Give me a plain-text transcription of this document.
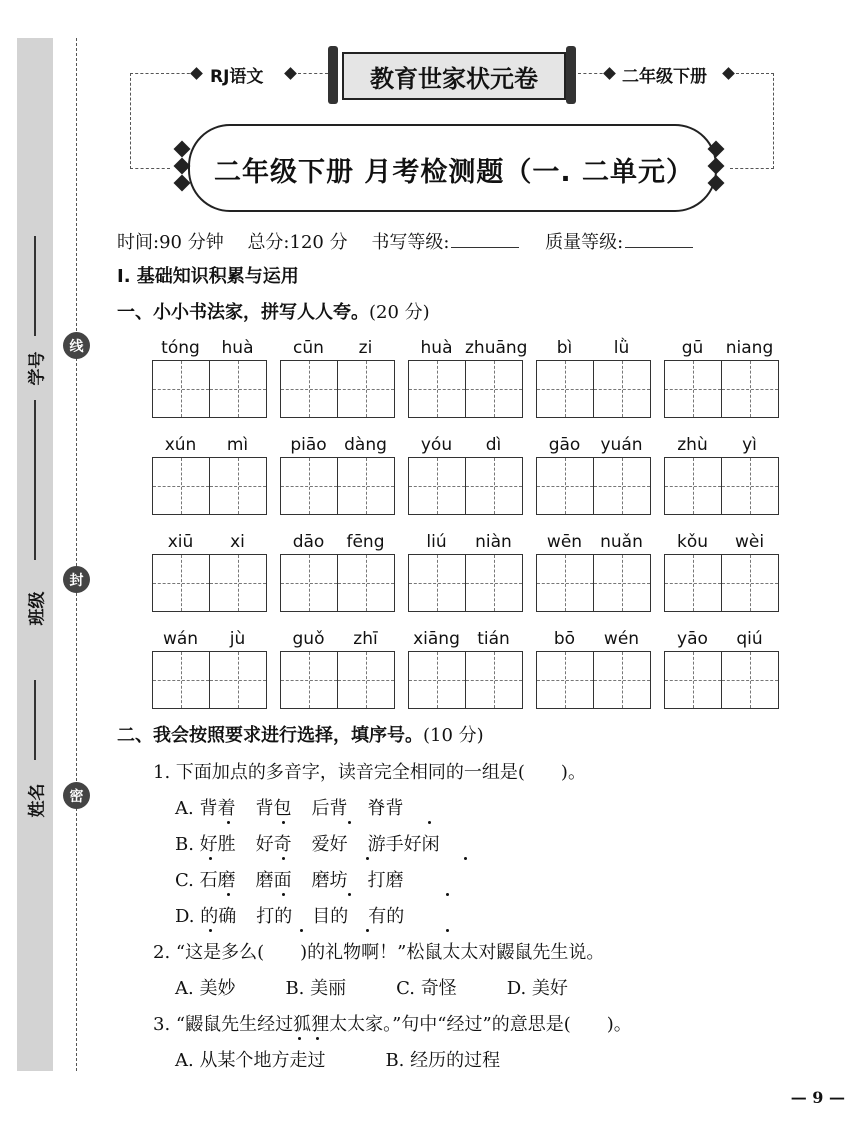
学号
班级
姓名
线
封
密
RJ语文	教育世家状元卷	二年级下册
二年级下册 月考检测题（一. 二单元）
时间:90 分钟 总分:120 分 书写等级:	质量等级:
Ⅰ. 基础知识积累与运用
一、小小书法家，拼写人人夸。(20 分)
tóng	huà	cūn	zi	huà zhuāng	bì	lǜ	gū	niang
xún	mì	piāo	dàng	yóu	dì	gāo	yuán	zhù	yì
xiū	xi	dāo	fēng	liú	niàn	wēn	nuǎn	kǒu	wèi
wán	jù	guǒ	zhī	xiāng	tián	bō	wén	yāo	qiú
二、我会按照要求进行选择，填序号。(10 分)
1. 下面加点的多音字，读音完全相同的一组是(　　)。
A. 背着 背包 后背 脊背
B. 好胜 好奇 爱好 游手好闲
C. 石磨 磨面 磨坊 打磨
D. 的确 打的 目的 有的
2. “这是多么(　　)的礼物啊！”松鼠太太对鼹鼠先生说。
A. 美妙	B. 美丽	C. 奇怪	D. 美好
3. “鼹鼠先生经过狐狸太太家。”句中“经过”的意思是(　　)。
A. 从某个地方走过	B. 经历的过程
— 9 —
